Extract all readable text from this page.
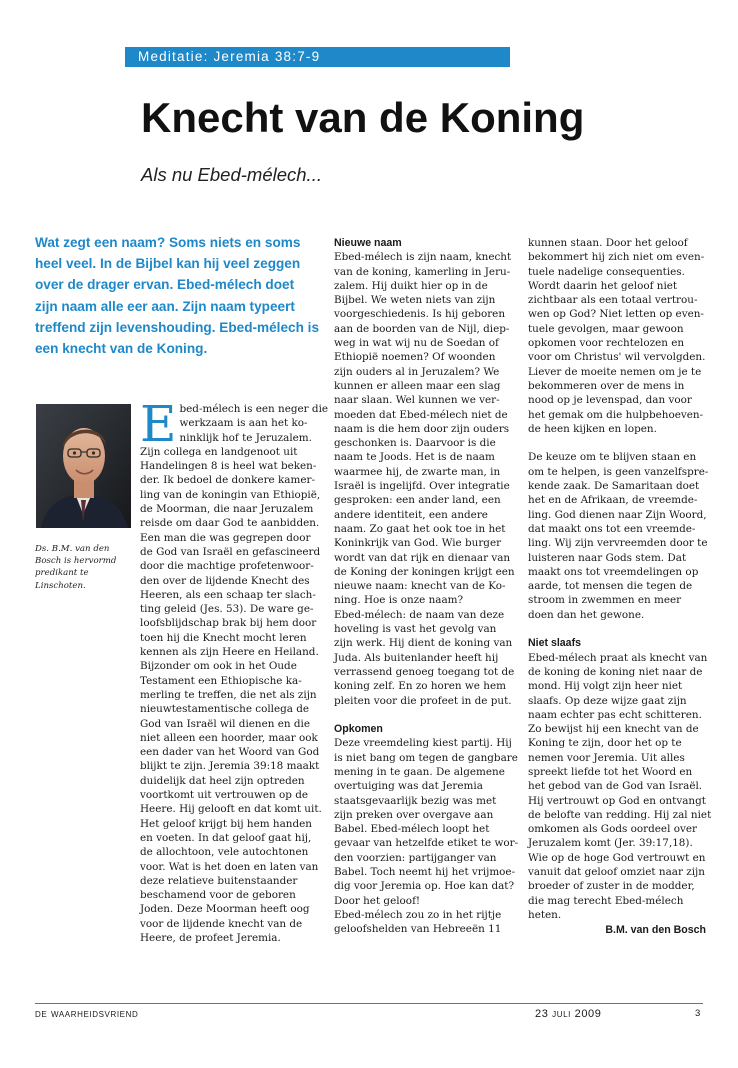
Meditatie: Jeremia 38:7-9
Knecht van de Koning
Als nu Ebed-mélech...
Wat zegt een naam? Soms niets en soms heel veel. In de Bijbel kan hij veel zeggen over de drager ervan. Ebed-mélech doet zijn naam alle eer aan. Zijn naam typeert treffend zijn levenshouding. Ebed-mélech is een knecht van de Koning.
Ds. B.M. van den Bosch is hervormd predikant te Linschoten.
E bed-mélech is een neger die
werkzaam is aan het ko-
ninklijk hof te Jeruzalem.
Zijn collega en landgenoot uit
Handelingen 8 is heel wat beken-
der. Ik bedoel de donkere kamer-
ling van de koningin van Ethiopië,
de Moorman, die naar Jeruzalem
reisde om daar God te aanbidden.
Een man die was gegrepen door
de God van Israël en gefascineerd
door die machtige profetenwoor-
den over de lijdende Knecht des
Heeren, als een schaap ter slach-
ting geleid (Jes. 53). De ware ge-
loofsblijdschap brak bij hem door
toen hij die Knecht mocht leren
kennen als zijn Heere en Heiland.
Bijzonder om ook in het Oude
Testament een Ethiopische ka-
merling te treffen, die net als zijn
nieuwtestamentische collega de
God van Israël wil dienen en die
niet alleen een hoorder, maar ook
een dader van het Woord van God
blijkt te zijn. Jeremia 39:18 maakt
duidelijk dat heel zijn optreden
voortkomt uit vertrouwen op de
Heere. Hij gelooft en dat komt uit.
Het geloof krijgt bij hem handen
en voeten. In dat geloof gaat hij,
de allochtoon, vele autochtonen
voor. Wat is het doen en laten van
deze relatieve buitenstaander
beschamend voor de geboren
Joden. Deze Moorman heeft oog
voor de lijdende knecht van de
Heere, de profeet Jeremia.
Nieuwe naam
Ebed-mélech is zijn naam, knecht
van de koning, kamerling in Jeru-
zalem. Hij duikt hier op in de
Bijbel. We weten niets van zijn
voorgeschiedenis. Is hij geboren
aan de boorden van de Nijl, diep-
weg in wat wij nu de Soedan of
Ethiopië noemen? Of woonden
zijn ouders al in Jeruzalem? We
kunnen er alleen maar een slag
naar slaan. Wel kunnen we ver-
moeden dat Ebed-mélech niet de
naam is die hem door zijn ouders
geschonken is. Daarvoor is die
naam te Joods. Het is de naam
waarmee hij, de zwarte man, in
Israël is ingelijfd. Over integratie
gesproken: een ander land, een
andere identiteit, een andere
naam. Zo gaat het ook toe in het
Koninkrijk van God. Wie burger
wordt van dat rijk en dienaar van
de Koning der koningen krijgt een
nieuwe naam: knecht van de Ko-
ning. Hoe is onze naam?
Ebed-mélech: de naam van deze
hoveling is vast het gevolg van
zijn werk. Hij dient de koning van
Juda. Als buitenlander heeft hij
verrassend genoeg toegang tot de
koning zelf. En zo horen we hem
pleiten voor die profeet in de put.
Opkomen
Deze vreemdeling kiest partij. Hij
is niet bang om tegen de gangbare
mening in te gaan. De algemene
overtuiging was dat Jeremia
staatsgevaarlijk bezig was met
zijn preken over overgave aan
Babel. Ebed-mélech loopt het
gevaar van hetzelfde etiket te wor-
den voorzien: partijganger van
Babel. Toch neemt hij het vrijmoe-
dig voor Jeremia op. Hoe kan dat?
Door het geloof!
Ebed-mélech zou zo in het rijtje
geloofshelden van Hebreeën 11
kunnen staan. Door het geloof
bekommert hij zich niet om even-
tuele nadelige consequenties.
Wordt daarin het geloof niet
zichtbaar als een totaal vertrou-
wen op God? Niet letten op even-
tuele gevolgen, maar gewoon
opkomen voor rechtelozen en
voor om Christus' wil vervolgden.
Liever de moeite nemen om je te
bekommeren over de mens in
nood op je levenspad, dan voor
het gemak om die hulpbehoeven-
de heen kijken en lopen.
De keuze om te blijven staan en
om te helpen, is geen vanzelfspre-
kende zaak. De Samaritaan doet
het en de Afrikaan, de vreemde-
ling. God dienen naar Zijn Woord,
dat maakt ons tot een vreemde-
ling. Wij zijn vervreemden door te
luisteren naar Gods stem. Dat
maakt ons tot vreemdelingen op
aarde, tot mensen die tegen de
stroom in zwemmen en meer
doen dan het gewone.
Niet slaafs
Ebed-mélech praat als knecht van
de koning de koning niet naar de
mond. Hij volgt zijn heer niet
slaafs. Op deze wijze gaat zijn
naam echter pas echt schitteren.
Zo bewijst hij een knecht van de
Koning te zijn, door het op te
nemen voor Jeremia. Uit alles
spreekt liefde tot het Woord en
het gebod van de God van Israël.
Hij vertrouwt op God en ontvangt
de belofte van redding. Hij zal niet
omkomen als Gods oordeel over
Jeruzalem komt (Jer. 39:17,18).
Wie op de hoge God vertrouwt en
vanuit dat geloof omziet naar zijn
broeder of zuster in de modder,
die mag terecht Ebed-mélech
heten.
B.M. van den Bosch
de waarheidsvriend	23 juli 2009	3
